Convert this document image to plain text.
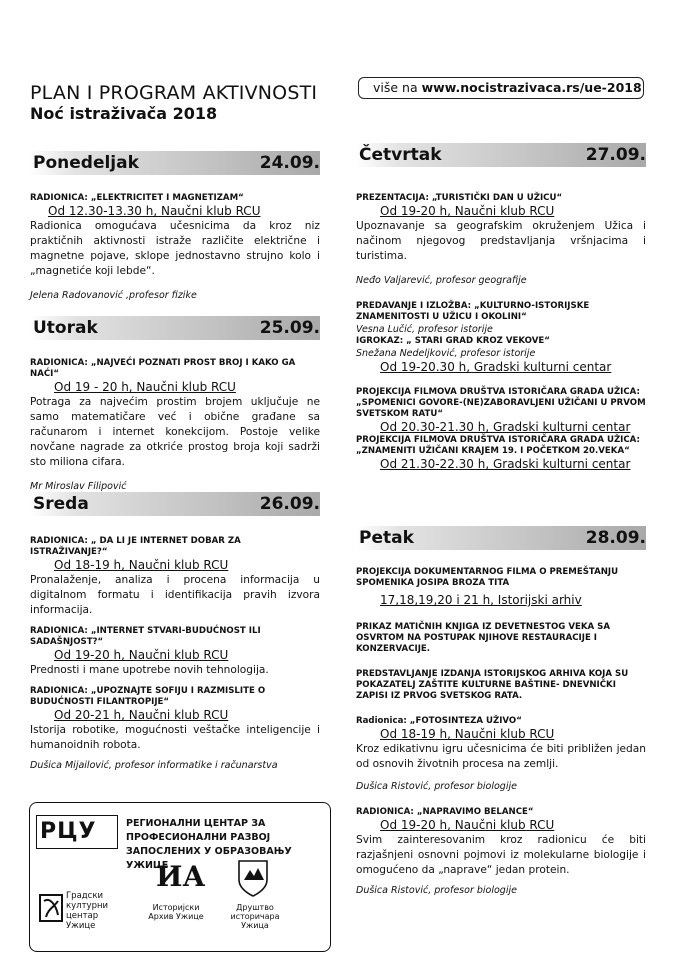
PLAN I PROGRAM AKTIVNOSTI
Noć istraživača 2018
više na www.nocistrazivaca.rs/ue-2018
Ponedeljak	24.09.
RADIONICA: „ELEKTRICITET I MAGNETIZAM“
Od 12.30-13.30 h, Naučni klub RCU
Radionica omogućava učesnicima da kroz niz praktičnih aktivnosti istraže različite električne i magnetne pojave, sklope jednostavno strujno kolo i „magnetiće koji lebde“.
Jelena Radovanović ,profesor fizike
Utorak	25.09.
RADIONICA: „NAJVEĆI POZNATI PROST BROJ I KAKO GA NAĆI“
Od 19 - 20 h, Naučni klub RCU
Potraga za najvećim prostim brojem uključuje ne samo matematičare već i obične građane sa računarom i internet konekcijom. Postoje velike novčane nagrade za otkriće prostog broja koji sadrži sto miliona cifara.
Mr Miroslav Filipović
Sreda	26.09.
RADIONICA: „ DA LI JE INTERNET DOBAR ZA ISTRAŽIVANJE?“
Od 18-19 h, Naučni klub RCU
Pronalaženje, analiza i procena informacija u digitalnom formatu i identifikacija pravih izvora informacija.
RADIONICA: „INTERNET STVARI-BUDUĆNOST ILI SADAŠNJOST?“
Od 19-20 h, Naučni klub RCU
Prednosti i mane upotrebe novih tehnologija.
RADIONICA: „UPOZNAJTE SOFIJU I RAZMISLITE O BUDUĆNOSTI FILANTROPIJE“
Od 20-21 h, Naučni klub RCU
Istorija robotike, mogućnosti veštačke inteligencije i humanoidnih robota.
Dušica Mijailović, profesor informatike i računarstva
РЦУ	РЕГИОНАЛНИ ЦЕНТАР ЗА ПРОФЕСИОНАЛНИ РАЗВОЈ ЗАПОСЛЕНИХ У ОБРАЗОВАЊУ УЖИЦЕ
Градски културни центар Ужице
ИА
Историјски Архив Ужице
Друштво историчара Ужица
Četvrtak	27.09.
PREZENTACIJA: „TURISTIČKI DAN U UŽICU“
Od 19-20 h, Naučni klub RCU
Upoznavanje sa geografskim okruženjem Užica i načinom njegovog predstavljanja vršnjacima i turistima.
Neđo Valjarević, profesor geografije
PREDAVANJE I IZLOŽBA: „KULTURNO-ISTORIJSKE ZNAMENITOSTI U UŽICU I OKOLINI“
Vesna Lučić, profesor istorije
IGROKAZ: „ STARI GRAD KROZ VEKOVE“
Snežana Nedeljković, profesor istorije
Od 19-20.30 h, Gradski kulturni centar
PROJEKCIJA FILMOVA DRUŠTVA ISTORIČARA GRADA UŽICA: „SPOMENICI GOVORE-(NE)ZABORAVLJENI UŽIČANI U PRVOM SVETSKOM RATU“
Od 20.30-21.30 h, Gradski kulturni centar
PROJEKCIJA FILMOVA DRUŠTVA ISTORIČARA GRADA UŽICA: „ZNAMENITI UŽIČANI KRAJEM 19. I POČETKOM 20.VEKA“
Od 21.30-22.30 h, Gradski kulturni centar
Petak	28.09.
PROJEKCIJA DOKUMENTARNOG FILMA O PREMEŠTANJU SPOMENIKA JOSIPA BROZA TITA
17,18,19,20 i 21 h, Istorijski arhiv
PRIKAZ MATIČNIH KNJIGA IZ DEVETNESTOG VEKA SA OSVRTOM NA POSTUPAK NJIHOVE RESTAURACIJE I KONZERVACIJE.
PREDSTAVLJANJE IZDANJA ISTORIJSKOG ARHIVA KOJA SU POKAZATELJ ZAŠTITE KULTURNE BAŠTINE- DNEVNIČKI ZAPISI IZ PRVOG SVETSKOG RATA.
Radionica: „FOTOSINTEZA UŽIVO“
Od 18-19 h, Naučni klub RCU
Kroz edikativnu igru učesnicima će biti približen jedan od osnovih životnih procesa na zemlji.
Dušica Ristović, profesor biologije
RADIONICA: „NAPRAVIMO BELANCE“
Od 19-20 h, Naučni klub RCU
Svim zainteresovanim kroz radionicu će biti razjašnjeni osnovni pojmovi iz molekularne biologije i omogućeno da „naprave“ jedan protein.
Dušica Ristović, profesor biologije
